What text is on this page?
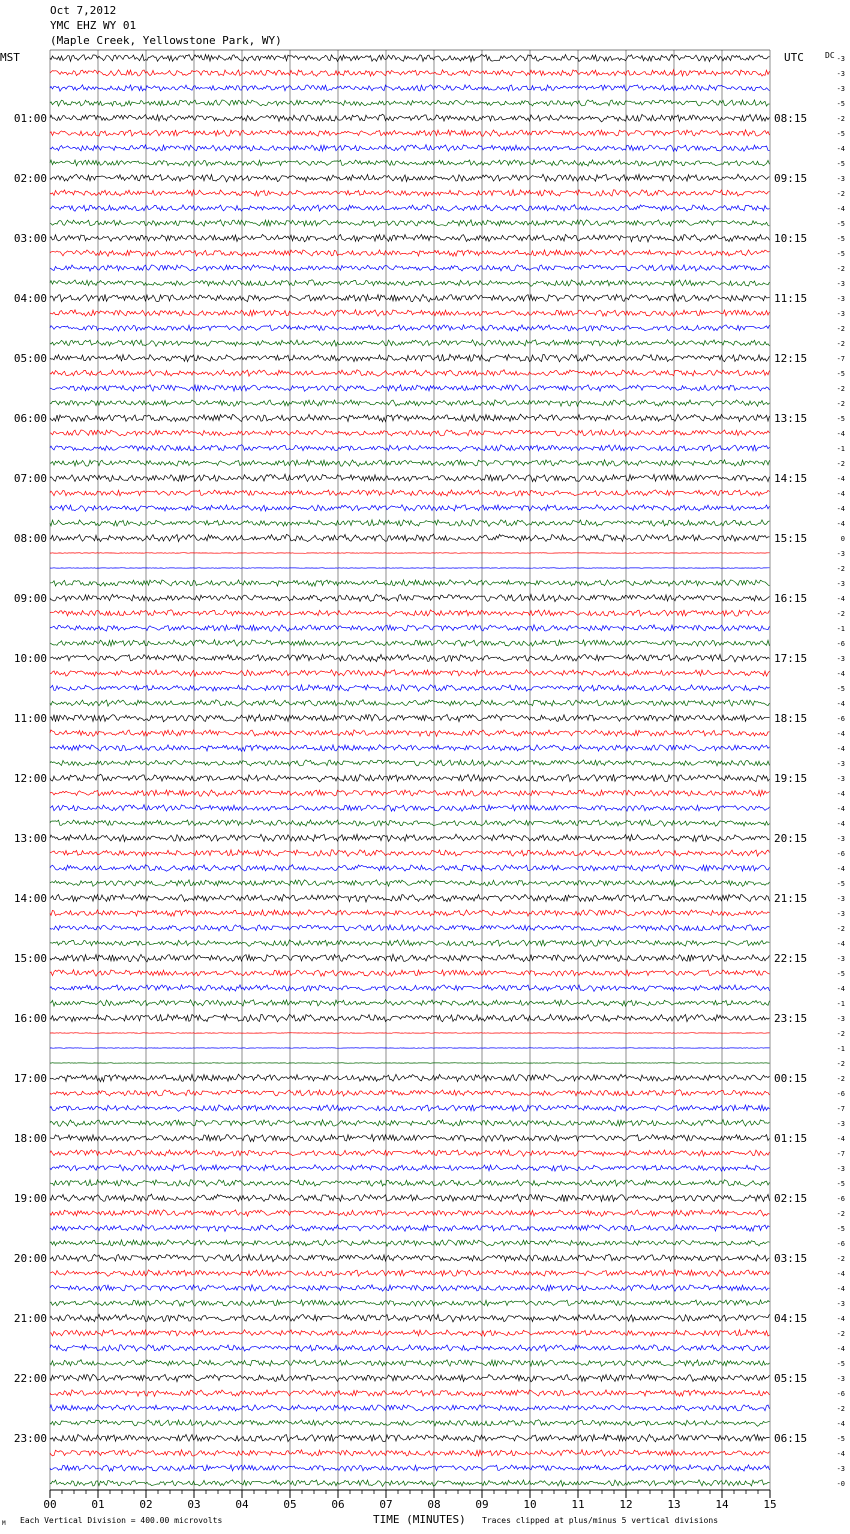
Oct 7,2012
YMC EHZ WY 01
(Maple Creek, Yellowstone Park, WY)
01:00
02:00
03:00
04:00
05:00
06:00
07:00
08:00
09:00
10:00
11:00
12:00
13:00
14:00
15:00
16:00
17:00
18:00
19:00
20:00
21:00
22:00
23:00
08:15
09:15
10:15
11:15
12:15
13:15
14:15
15:15
16:15
17:15
18:15
19:15
20:15
21:15
22:15
23:15
00:15
01:15
02:15
03:15
04:15
05:15
06:15
-3
-3
-3
-5
-2
-5
-4
-5
-3
-2
-4
-5
-5
-5
-2
-3
-3
-3
-2
-2
-7
-5
-2
-2
-5
-4
-1
-2
-4
-4
-4
-4
0
-3
-2
-3
-4
-2
-1
-6
-3
-4
-5
-4
-6
-4
-4
-3
-3
-4
-4
-4
-3
-6
-4
-5
-3
-3
-2
-4
-3
-5
-4
-1
-3
-2
-1
-2
-2
-6
-7
-3
-4
-7
-3
-5
-6
-2
-5
-6
-2
-4
-4
-3
-4
-2
-4
-5
-3
-6
-2
-4
-5
-4
-3
-0
00	01	02	03	04	05	06	07	08	09	10	11	12	13	14	15
MST	UTC	DC
TIME (MINUTES)
Each Vertical Division = 400.00 microvolts	Traces clipped at plus/minus 5 vertical divisions
M
